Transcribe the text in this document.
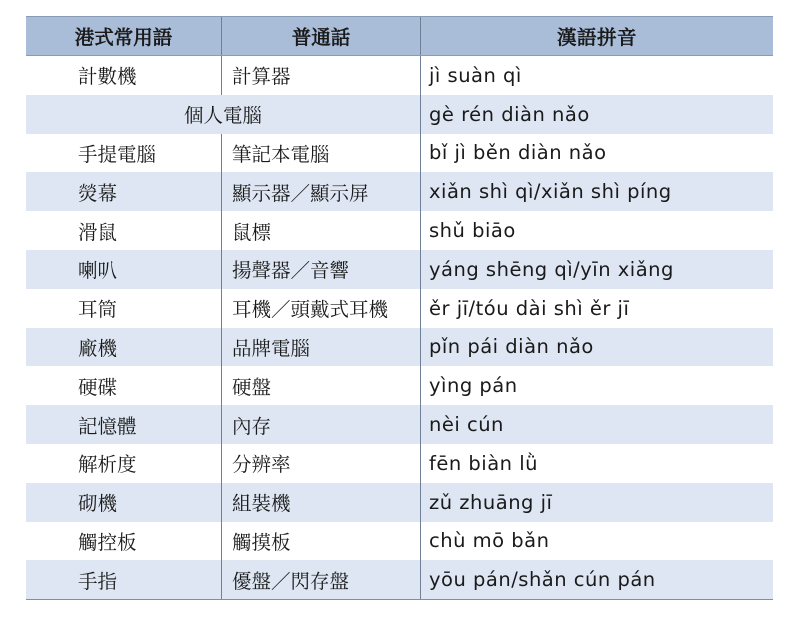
港式常用語	普通話	漢語拼音
計數機	計算器	jì suàn qì
個人電腦	gè rén diàn nǎo
手提電腦	筆記本電腦	bǐ jì běn diàn nǎo
熒幕	顯示器／顯示屏	xiǎn shì qì/xiǎn shì píng
滑鼠	鼠標	shǔ biāo
喇叭	揚聲器／音響	yáng shēng qì/yīn xiǎng
耳筒	耳機／頭戴式耳機	ěr jī/tóu dài shì ěr jī
廠機	品牌電腦	pǐn pái diàn nǎo
硬碟	硬盤	yìng pán
記憶體	內存	nèi cún
解析度	分辨率	fēn biàn lǜ
砌機	組裝機	zǔ zhuāng jī
觸控板	觸摸板	chù mō bǎn
手指	優盤／閃存盤	yōu pán/shǎn cún pán
